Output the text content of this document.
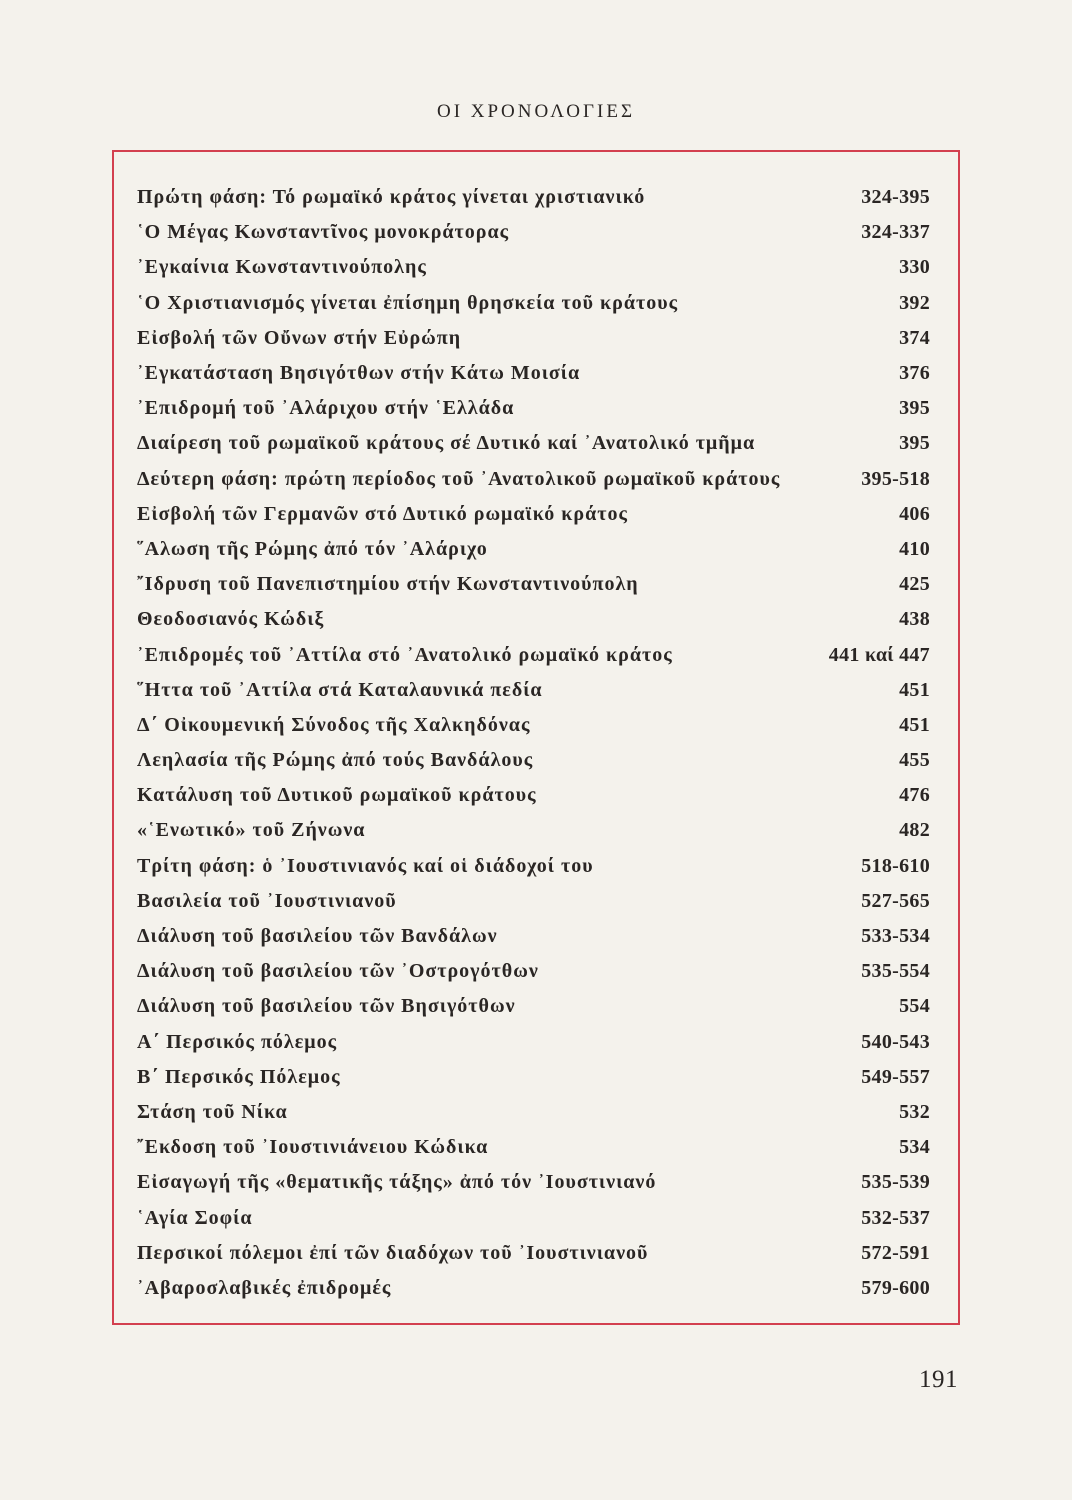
ΟΙ ΧΡΟΝΟΛΟΓΙΕΣ
Πρώτη φάση: Τό ρωμαϊκό κράτος γίνεται χριστιανικό	324-395
῾Ο Μέγας Κωνσταντῖνος μονοκράτορας	324-337
᾿Εγκαίνια Κωνσταντινούπολης	330
῾Ο Χριστιανισμός γίνεται ἐπίσημη θρησκεία τοῦ κράτους	392
Εἰσβολή τῶν Οὔνων στήν Εὐρώπη	374
᾿Εγκατάσταση Βησιγότθων στήν Κάτω Μοισία	376
᾿Επιδρομή τοῦ ᾿Αλάριχου στήν ῾Ελλάδα	395
Διαίρεση τοῦ ρωμαϊκοῦ κράτους σέ Δυτικό καί ᾿Ανατολικό τμῆμα	395
Δεύτερη φάση: πρώτη περίοδος τοῦ ᾿Ανατολικοῦ ρωμαϊκοῦ κράτους	395-518
Εἰσβολή τῶν Γερμανῶν στό Δυτικό ρωμαϊκό κράτος	406
῞Αλωση τῆς Ρώμης ἀπό τόν ᾿Αλάριχο	410
῎Ιδρυση τοῦ Πανεπιστημίου στήν Κωνσταντινούπολη	425
Θεοδοσιανός Κώδιξ	438
᾿Επιδρομές τοῦ ᾿Αττίλα στό ᾿Ανατολικό ρωμαϊκό κράτος	441 καί 447
῞Ηττα τοῦ ᾿Αττίλα στά Καταλαυνικά πεδία	451
Δ΄ Οἰκουμενική Σύνοδος τῆς Χαλκηδόνας	451
Λεηλασία τῆς Ρώμης ἀπό τούς Βανδάλους	455
Κατάλυση τοῦ Δυτικοῦ ρωμαϊκοῦ κράτους	476
«῾Ενωτικό» τοῦ Ζήνωνα	482
Τρίτη φάση: ὁ ᾿Ιουστινιανός καί οἱ διάδοχοί του	518-610
Βασιλεία τοῦ ᾿Ιουστινιανοῦ	527-565
Διάλυση τοῦ βασιλείου τῶν Βανδάλων	533-534
Διάλυση τοῦ βασιλείου τῶν ᾿Οστρογότθων	535-554
Διάλυση τοῦ βασιλείου τῶν Βησιγότθων	554
Α΄ Περσικός πόλεμος	540-543
Β΄ Περσικός Πόλεμος	549-557
Στάση τοῦ Νίκα	532
῎Εκδοση τοῦ ᾿Ιουστινιάνειου Κώδικα	534
Εἰσαγωγή τῆς «θεματικῆς τάξης» ἀπό τόν ᾿Ιουστινιανό	535-539
῾Αγία Σοφία	532-537
Περσικοί πόλεμοι ἐπί τῶν διαδόχων τοῦ ᾿Ιουστινιανοῦ	572-591
᾿Αβαροσλαβικές ἐπιδρομές	579-600
191
